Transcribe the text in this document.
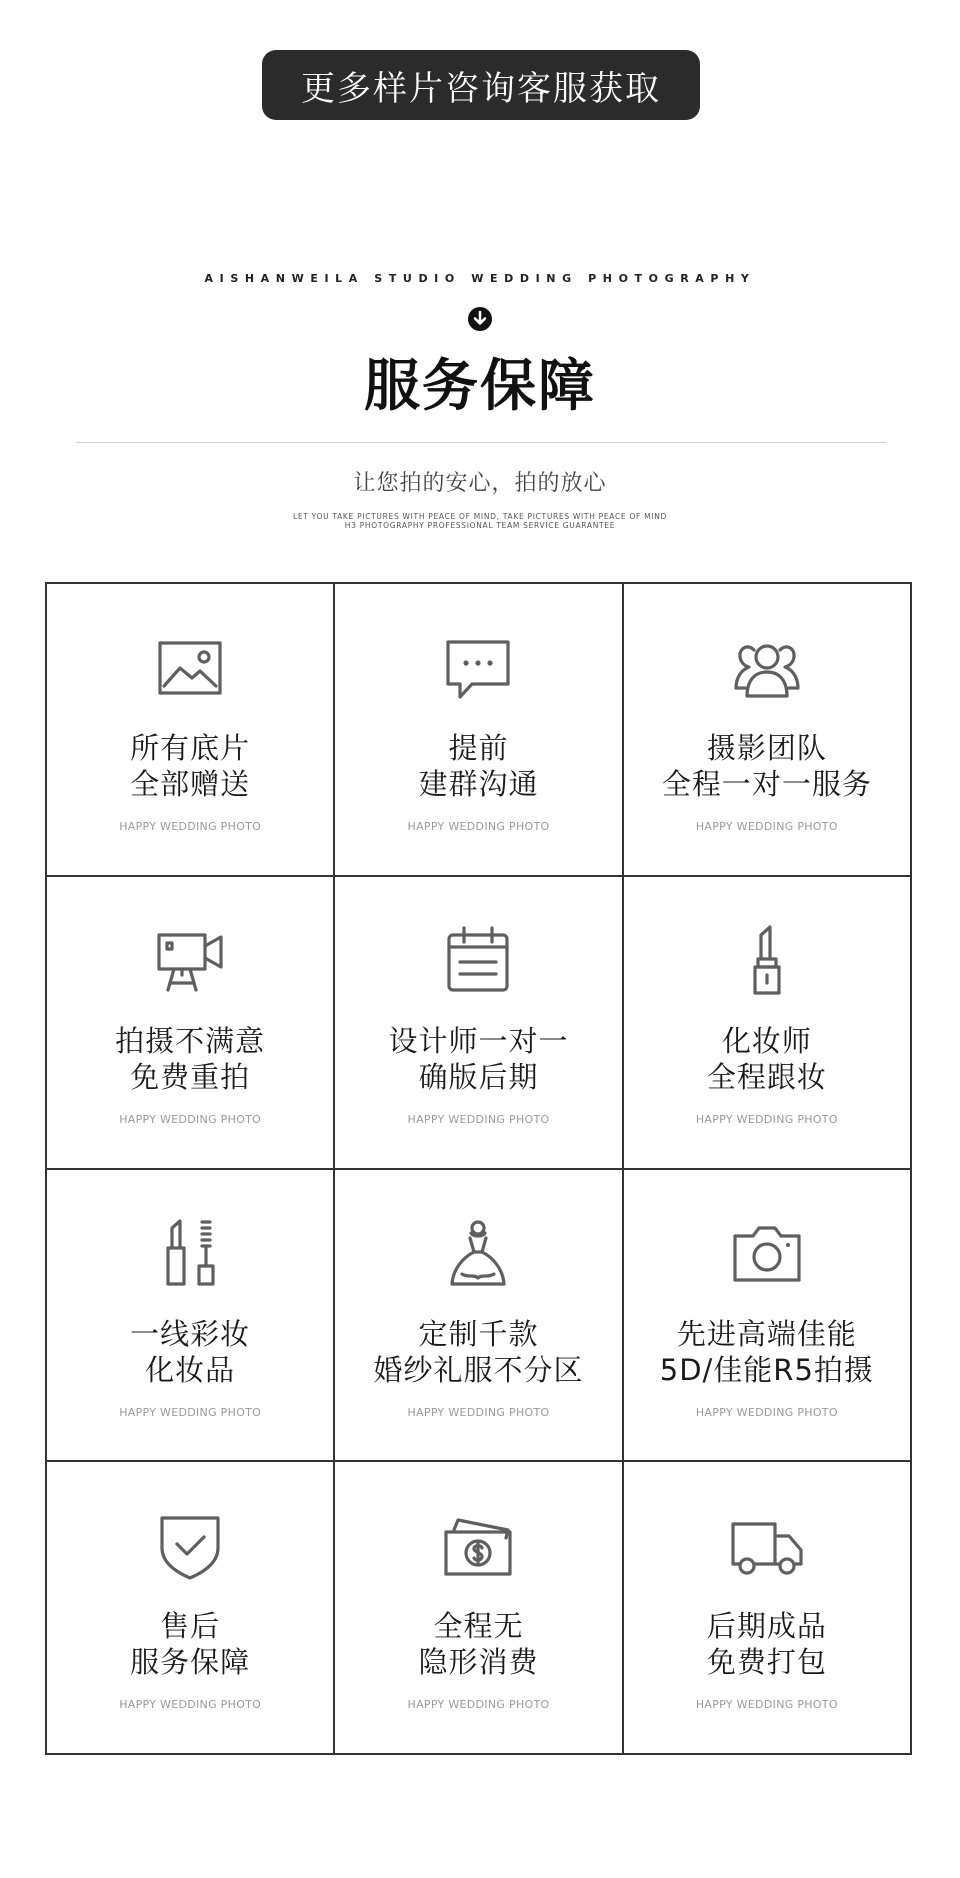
更多样片咨询客服获取
AISHANWEILA STUDIO WEDDING PHOTOGRAPHY
服务保障
让您拍的安心，拍的放心
LET YOU TAKE PICTURES WITH PEACE OF MIND, TAKE PICTURES WITH PEACE OF MIND
H3 PHOTOGRAPHY PROFESSIONAL TEAM SERVICE GUARANTEE
所有底片
全部赠送
HAPPY WEDDING PHOTO
提前
建群沟通
HAPPY WEDDING PHOTO
摄影团队
全程一对一服务
HAPPY WEDDING PHOTO
拍摄不满意
免费重拍
HAPPY WEDDING PHOTO
设计师一对一
确版后期
HAPPY WEDDING PHOTO
化妆师
全程跟妆
HAPPY WEDDING PHOTO
一线彩妆
化妆品
HAPPY WEDDING PHOTO
定制千款
婚纱礼服不分区
HAPPY WEDDING PHOTO
先进高端佳能
5D/佳能R5拍摄
HAPPY WEDDING PHOTO
售后
服务保障
HAPPY WEDDING PHOTO
全程无
隐形消费
HAPPY WEDDING PHOTO
后期成品
免费打包
HAPPY WEDDING PHOTO
